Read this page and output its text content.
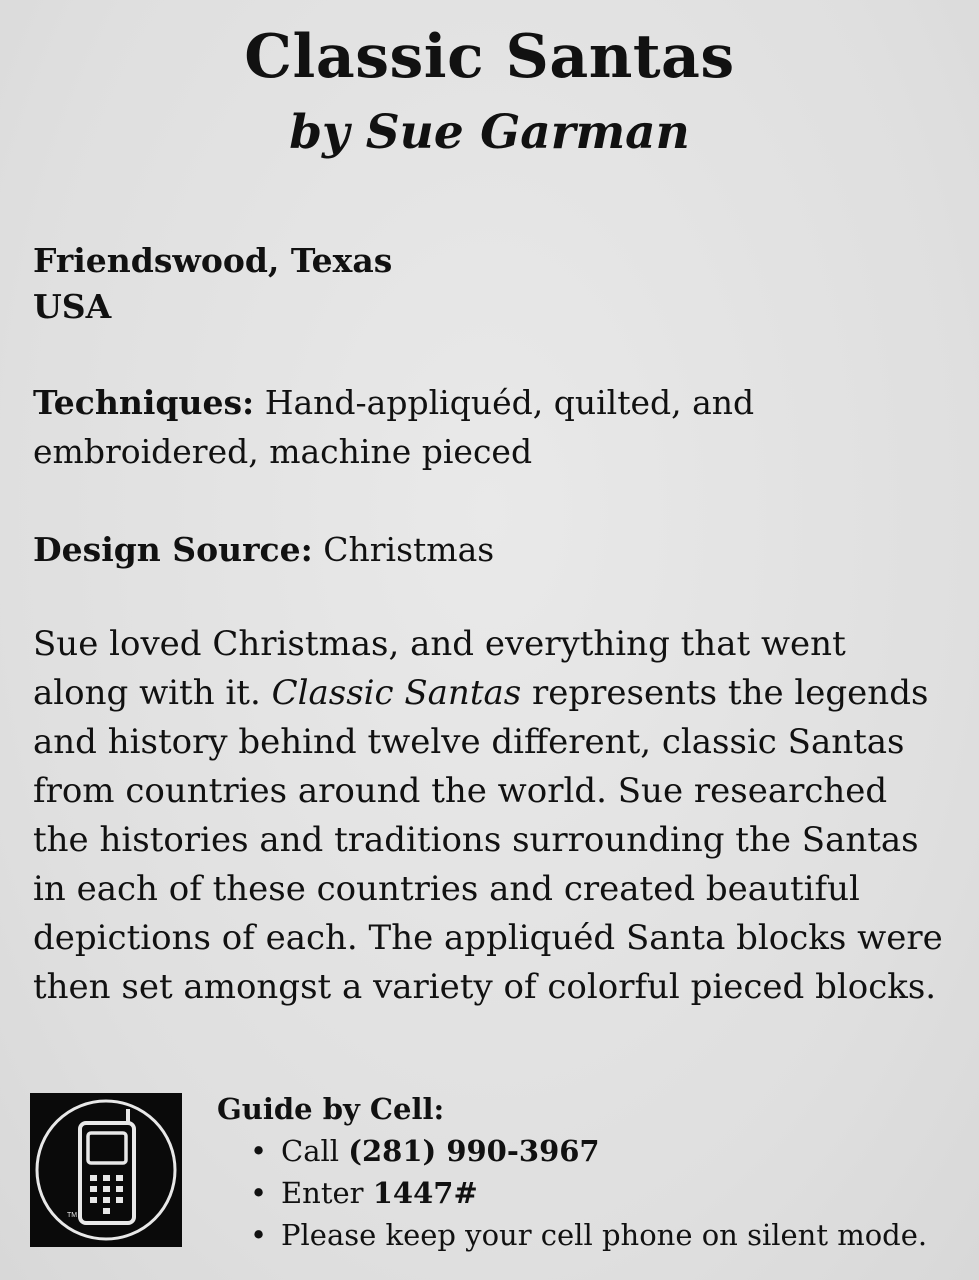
Classic Santas
by Sue Garman
Friendswood, Texas
USA
Techniques: Hand-appliquéd, quilted, and
embroidered, machine pieced
Design Source: Christmas
Sue loved Christmas, and everything that went
along with it. Classic Santas represents the legends
and history behind twelve different, classic Santas
from countries around the world. Sue researched
the histories and traditions surrounding the Santas
in each of these countries and created beautiful
depictions of each. The appliquéd Santa blocks were
then set amongst a variety of colorful pieced blocks.
TM
Guide by Cell:
• Call (281) 990-3967
• Enter 1447#
• Please keep your cell phone on silent mode.
